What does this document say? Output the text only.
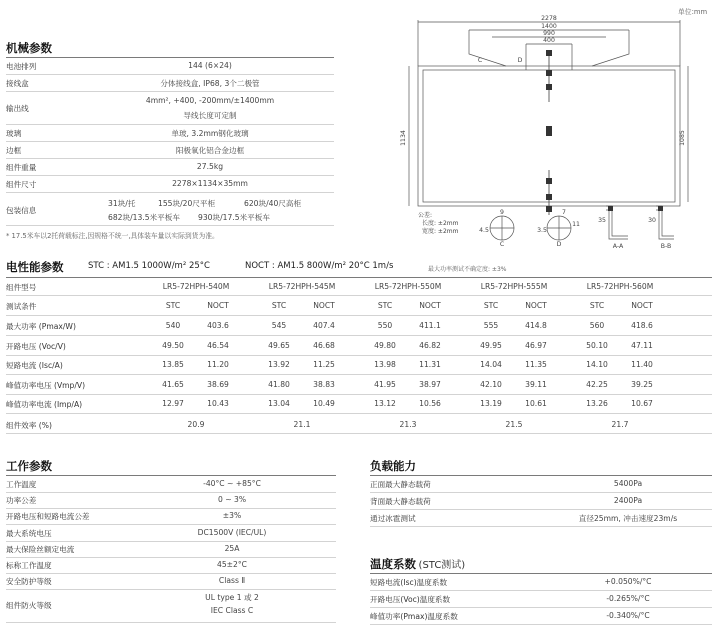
机械参数
电池排列	144 (6×24)
接线盒	分体接线盒, IP68, 3个二极管
输出线
4mm², +400, -200mm/±1400mm
导线长度可定制
玻璃	单玻, 3.2mm钢化玻璃
边框	阳极氧化铝合金边框
组件重量	27.5kg
组件尺寸	2278×1134×35mm
包装信息
31块/托	155块/20尺平柜	620块/40尺高柜
682块/13.5米平板车 930块/17.5米平板车
* 17.5米车以2托荷载标注,因规格不统一,具体装车量以实际到货为准。
单位:mm
2278
1400
990
400
C	D
C	D	A-A	B-B
4.5
9
3.5
7
11
35	30
1134	1085
公差:
长度: ±2mm
宽度: ±2mm
电性能参数	STC : AM1.5 1000W/m² 25°C	NOCT : AM1.5 800W/m² 20°C 1m/s	最大功率测试不确定度: ±3%
组件型号	LR5-72HPH-540M	LR5-72HPH-545M	LR5-72HPH-550M	LR5-72HPH-555M	LR5-72HPH-560M
测试条件	STC	NOCT	STC	NOCT	STC	NOCT	STC	NOCT	STC	NOCT
最大功率 (Pmax/W)	540	403.6	545	407.4	550	411.1	555	414.8	560	418.6
开路电压 (Voc/V)	49.50	46.54	49.65	46.68	49.80	46.82	49.95	46.97	50.10	47.11
短路电流 (Isc/A)	13.85	11.20	13.92	11.25	13.98	11.31	14.04	11.35	14.10	11.40
峰值功率电压 (Vmp/V)	41.65	38.69	41.80	38.83	41.95	38.97	42.10	39.11	42.25	39.25
峰值功率电流 (Imp/A)	12.97	10.43	13.04	10.49	13.12	10.56	13.19	10.61	13.26	10.67
组件效率 (%)	20.9	21.1	21.3	21.5	21.7
工作参数
工作温度	-40°C ~ +85°C
功率公差	0 ~ 3%
开路电压和短路电流公差	±3%
最大系统电压	DC1500V (IEC/UL)
最大保险丝额定电流	25A
标称工作温度	45±2°C
安全防护等级	Class Ⅱ
组件防火等级
UL type 1 或 2
IEC Class C
负载能力
正面最大静态载荷	5400Pa
背面最大静态载荷	2400Pa
通过冰雹测试	直径25mm, 冲击速度23m/s
温度系数 (STC测试)
短路电流(Isc)温度系数	+0.050%/°C
开路电压(Voc)温度系数	-0.265%/°C
峰值功率(Pmax)温度系数	-0.340%/°C
